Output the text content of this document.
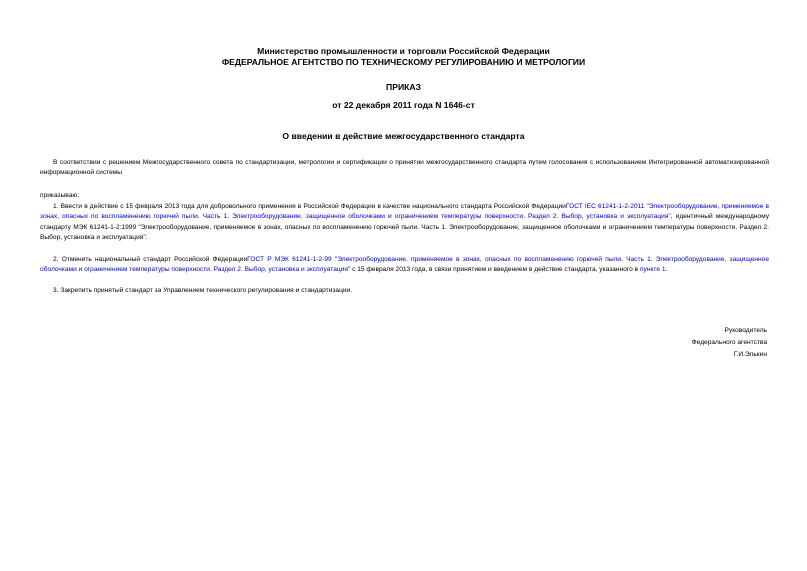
Министерство промышленности и торговли Российской Федерации
ФЕДЕРАЛЬНОЕ АГЕНТСТВО ПО ТЕХНИЧЕСКОМУ РЕГУЛИРОВАНИЮ И МЕТРОЛОГИИ
ПРИКАЗ
от 22 декабря 2011 года N 1646-ст
О введении в действие межгосударственного стандарта
В соответствии с решением Межгосударственного совета по стандартизации, метрологии и сертификации о принятии межгосударственного стандарта путем голосования с использованием Интегрированной автоматизированной информационной системы
приказываю:
1. Ввести в действие с 15 февраля 2013 года для добровольного применения в Российской Федерации в качестве национального стандарта Российской ФедерацииГОСТ IEC 61241-1-2-2011 "Электрооборудование, применяемое в зонах, опасных по воспламенению горючей пыли. Часть 1. Электрооборудование, защищенное оболочками и ограничением температуры поверхности. Раздел 2. Выбор, установка и эксплуатация", идентичный международному стандарту МЭК 61241-1-2:1999 "Электрооборудование, применяемое в зонах, опасных по воспламенению горючей пыли. Часть 1. Электрооборудование, защищенное оболочками и ограничением температуры поверхности. Раздел 2. Выбор, установка и эксплуатация".
2. Отменить национальный стандарт Российской ФедерацииГОСТ Р МЭК 61241-1-2-99 "Электрооборудование, применяемое в зонах, опасных по воспламенению горючей пыли. Часть 1. Электрооборудование, защищенное оболочками и ограничением температуры поверхности. Раздел 2. Выбор, установка и эксплуатация" с 15 февраля 2013 года, в связи принятием и введением в действие стандарта, указанного в пункте 1.
3. Закрепить принятый стандарт за Управлением технического регулирования и стандартизации.
Руководитель
Федерального агентства
Г.И.Элькин
